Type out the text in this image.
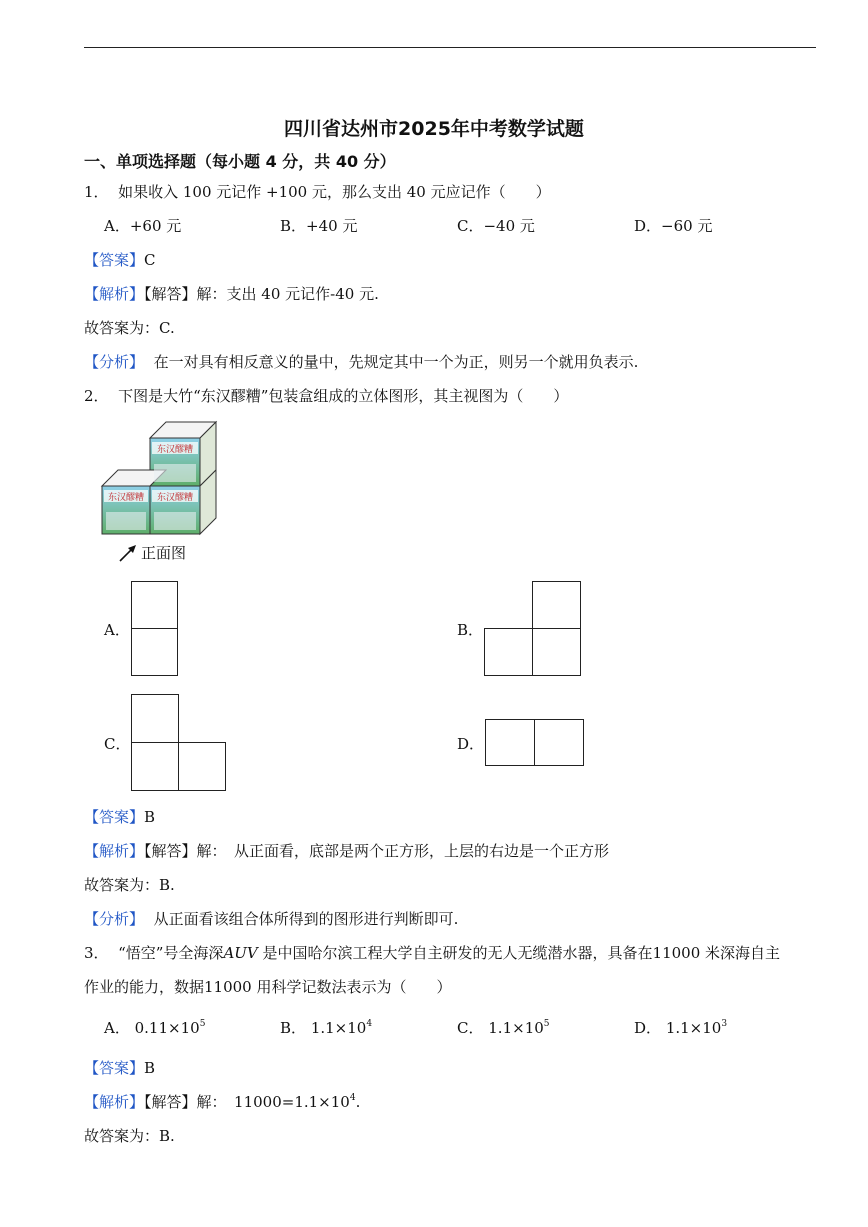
四川省达州市2025年中考数学试题
一、单项选择题（每小题 4 分，共 40 分）
1． 如果收入 100 元记作 +100 元，那么支出 40 元应记作（　　）
A．+60 元	B．+40 元	C．−40 元	D．−60 元
【答案】C
【解析】【解答】解：支出 40 元记作-40 元.
故答案为：C.
【分析】 在一对具有相反意义的量中，先规定其中一个为正，则另一个就用负表示.
2． 下图是大竹“东汉醪糟”包装盒组成的立体图形，其主视图为（　　）
东汉醪糟
东汉醪糟
东汉醪糟
正面图
A．	B．
C．	D．
【答案】B
【解析】【解答】解：　从正面看，底部是两个正方形，上层的右边是一个正方形
故答案为：B.
【分析】 从正面看该组合体所得到的图形进行判断即可.
3． “悟空”号全海深AUV 是中国哈尔滨工程大学自主研发的无人无缆潜水器，具备在11000 米深海自主
作业的能力，数据11000 用科学记数法表示为（　　）
A． $0.11\times 10^5$	B． $1.1\times 10^4$	C． $1.1\times 10^5$	D． $1.1\times 10^3$
【答案】B
【解析】【解答】解：　$11000=1.1\times 10^4$.
故答案为：B.
